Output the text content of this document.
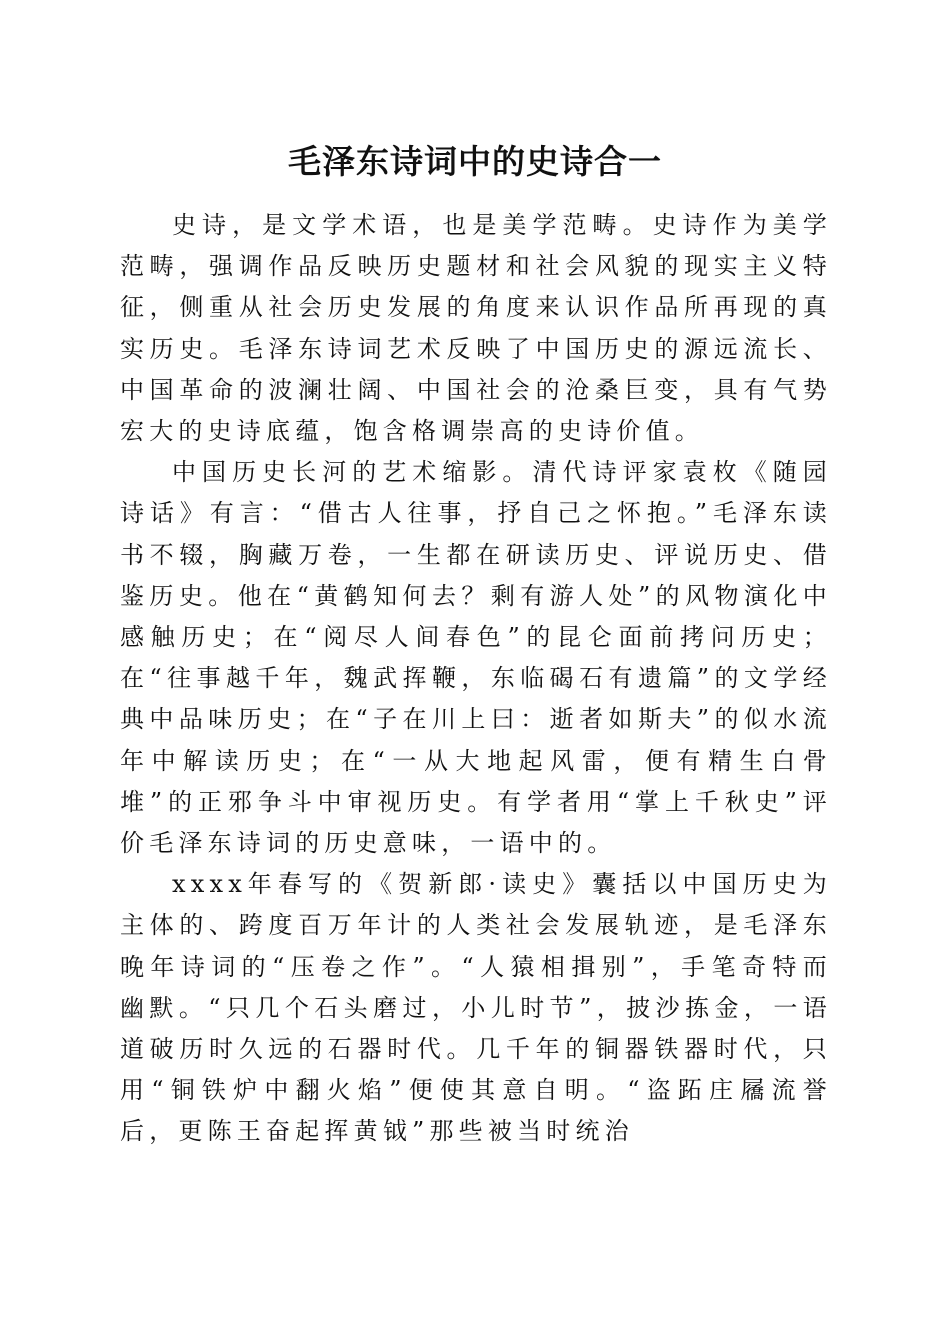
毛泽东诗词中的史诗合一

史诗，是文学术语，也是美学范畴。史诗作为美学范畴，强调作品反映历史题材和社会风貌的现实主义特征，侧重从社会历史发展的角度来认识作品所再现的真实历史。毛泽东诗词艺术反映了中国历史的源远流长、中国革命的波澜壮阔、中国社会的沧桑巨变，具有气势宏大的史诗底蕴，饱含格调崇高的史诗价值。

中国历史长河的艺术缩影。清代诗评家袁枚《随园诗话》有言：“借古人往事，抒自己之怀抱。”毛泽东读书不辍，胸藏万卷，一生都在研读历史、评说历史、借鉴历史。他在“黄鹤知何去？剩有游人处”的风物演化中感触历史；在“阅尽人间春色”的昆仑面前拷问历史；在“往事越千年，魏武挥鞭，东临碣石有遗篇”的文学经典中品味历史；在“子在川上曰：逝者如斯夫”的似水流年中解读历史；在“一从大地起风雷，便有精生白骨堆”的正邪争斗中审视历史。有学者用“掌上千秋史”评价毛泽东诗词的历史意味，一语中的。

xxxx年春写的《贺新郎·读史》囊括以中国历史为主体的、跨度百万年计的人类社会发展轨迹，是毛泽东晚年诗词的“压卷之作”。“人猿相揖别”，手笔奇特而幽默。“只几个石头磨过，小儿时节”，披沙拣金，一语道破历时久远的石器时代。几千年的铜器铁器时代，只用“铜铁炉中翻火焰”便使其意自明。“盗跖庄屩流誉后，更陈王奋起挥黄钺”那些被当时统治
